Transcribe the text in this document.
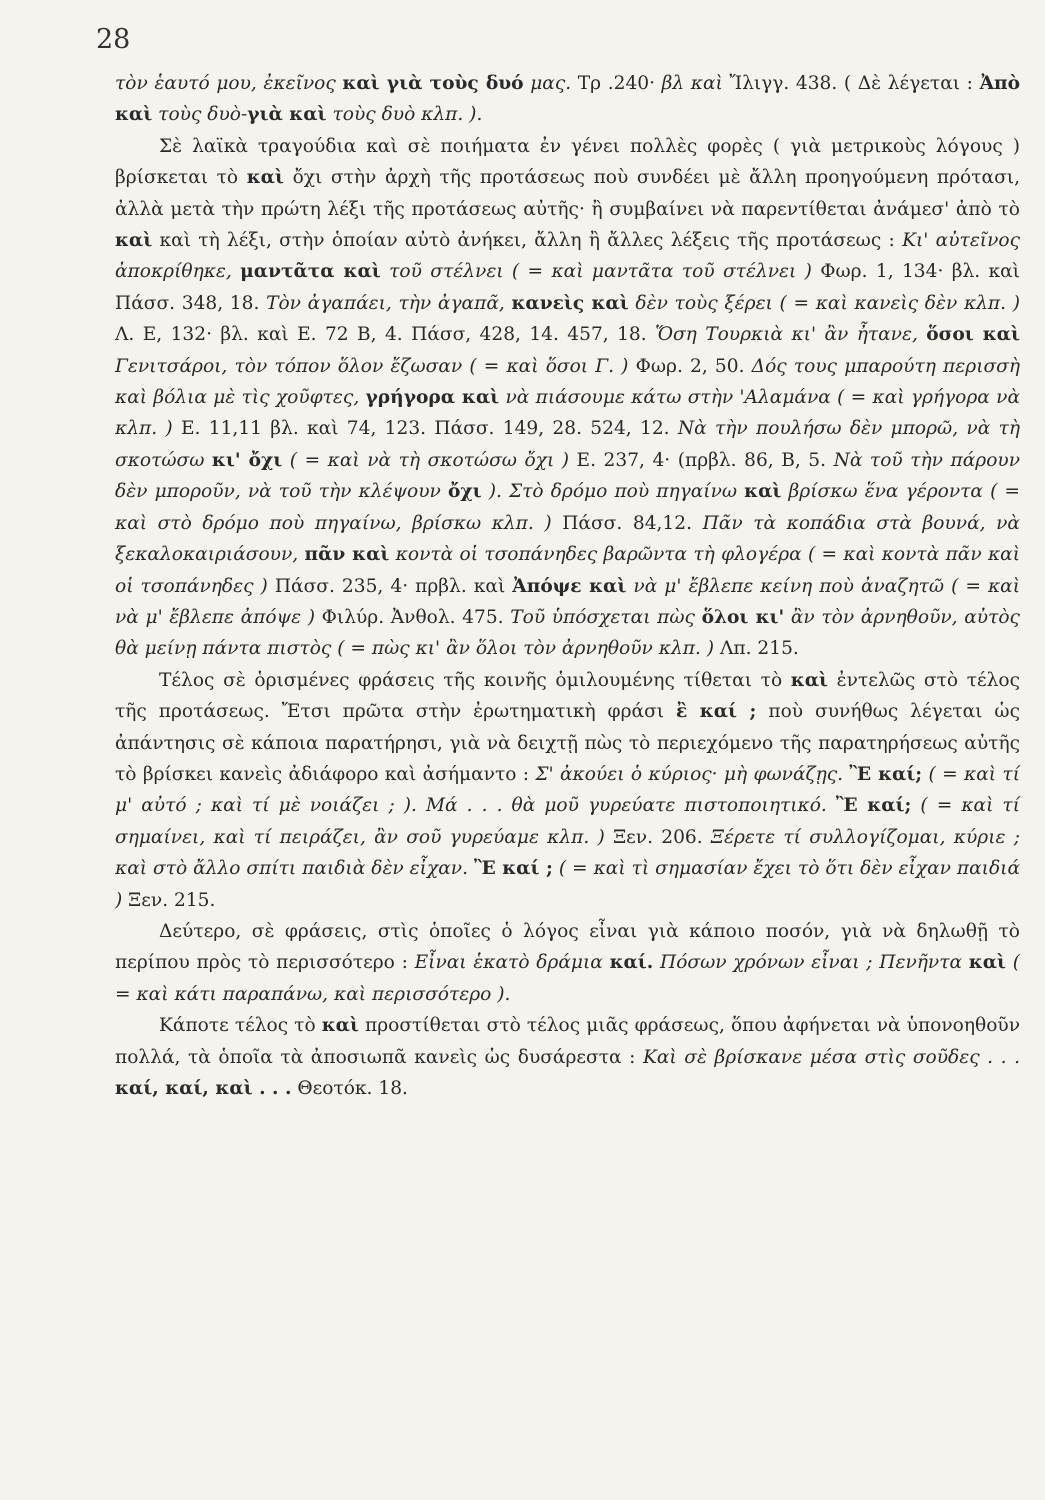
28

τὸν ἑαυτό μου, ἐκεῖνος καὶ γιὰ τοὺς δυό μας. Τρ .240· βλ καὶ Ἴλιγγ. 438. ( Δὲ λέγεται : Ἀπὸ καὶ τοὺς δυὸ-γιὰ καὶ τοὺς δυὸ κλπ. ).

Σὲ λαϊκὰ τραγούδια καὶ σὲ ποιήματα ἐν γένει πολλὲς φορὲς ( γιὰ μετρικοὺς λόγους ) βρίσκεται τὸ καὶ ὄχι στὴν ἀρχὴ τῆς προτάσεως ποὺ συνδέει μὲ ἄλλη προηγούμενη πρότασι, ἀλλὰ μετὰ τὴν πρώτη λέξι τῆς προτάσεως αὐτῆς· ἢ συμβαίνει νὰ παρεντίθεται ἀνάμεσ' ἀπὸ τὸ καὶ καὶ τὴ λέξι, στὴν ὁποίαν αὐτὸ ἀνήκει, ἄλλη ἢ ἄλλες λέξεις τῆς προτάσεως : Κι' αὐτεῖνος ἀποκρίθηκε, μαντᾶτα καὶ τοῦ στέλνει ( = καὶ μαντᾶτα τοῦ στέλνει ) Φωρ. 1, 134· βλ. καὶ Πάσσ. 348, 18. Τὸν ἀγαπάει, τὴν ἀγαπᾶ, κανεὶς καὶ δὲν τοὺς ξέρει ( = καὶ κανεὶς δὲν κλπ. ) Λ. Ε, 132· βλ. καὶ Ε. 72 Β, 4. Πάσσ, 428, 14. 457, 18. Ὅση Τουρκιὰ κι' ἂν ἦτανε, ὅσοι καὶ Γενιτσάροι, τὸν τόπον ὅλον ἔζωσαν ( = καὶ ὅσοι Γ. ) Φωρ. 2, 50. Δός τους μπαρούτη περισσὴ καὶ βόλια μὲ τὶς χοῦφτες, γρήγορα καὶ νὰ πιάσουμε κάτω στὴν 'Αλαμάνα ( = καὶ γρήγορα νὰ κλπ. ) Ε. 11,11 βλ. καὶ 74, 123. Πάσσ. 149, 28. 524, 12. Νὰ τὴν πουλήσω δὲν μπορῶ, νὰ τὴ σκοτώσω κι' ὄχι ( = καὶ νὰ τὴ σκοτώσω ὄχι ) Ε. 237, 4· (πρβλ. 86, Β, 5. Νὰ τοῦ τὴν πάρουν δὲν μποροῦν, νὰ τοῦ τὴν κλέψουν ὄχι ). Στὸ δρόμο ποὺ πηγαίνω καὶ βρίσκω ἕνα γέροντα ( = καὶ στὸ δρόμο ποὺ πηγαίνω, βρίσκω κλπ. ) Πάσσ. 84,12. Πᾶν τὰ κοπάδια στὰ βουνά, νὰ ξεκαλοκαιριάσουν, πᾶν καὶ κοντὰ οἱ τσοπάνηδες βαρῶντα τὴ φλογέρα ( = καὶ κοντὰ πᾶν καὶ οἱ τσοπάνηδες ) Πάσσ. 235, 4· πρβλ. καὶ Ἀπόψε καὶ νὰ μ' ἔβλεπε κείνη ποὺ ἀναζητῶ ( = καὶ νὰ μ' ἔβλεπε ἀπόψε ) Φιλύρ. Ἀνθολ. 475. Τοῦ ὑπόσχεται πὼς ὅλοι κι' ἂν τὸν ἀρνηθοῦν, αὐτὸς θὰ μείνῃ πάντα πιστὸς ( = πὼς κι' ἂν ὅλοι τὸν ἀρνηθοῦν κλπ. ) Λπ. 215.

Τέλος σὲ ὁρισμένες φράσεις τῆς κοινῆς ὁμιλουμένης τίθεται τὸ καὶ ἐντελῶς στὸ τέλος τῆς προτάσεως. Ἔτσι πρῶτα στὴν ἐρωτηματικὴ φράσι ἒ καί ; ποὺ συνήθως λέγεται ὡς ἀπάντησις σὲ κάποια παρατήρησι, γιὰ νὰ δειχτῇ πὼς τὸ περιεχόμενο τῆς παρατηρήσεως αὐτῆς τὸ βρίσκει κανεὶς ἀδιάφορο καὶ ἀσήμαντο : Σ' ἀκούει ὁ κύριος· μὴ φωνάζῃς. Ἒ καί; ( = καὶ τί μ' αὐτό ; καὶ τί μὲ νοιάζει ; ). Μά . . . θὰ μοῦ γυρεύατε πιστοποιητικό. Ἒ καί; ( = καὶ τί σημαίνει, καὶ τί πειράζει, ἂν σοῦ γυρεύαμε κλπ. ) Ξεν. 206. Ξέρετε τί συλλογίζομαι, κύριε ; καὶ στὸ ἄλλο σπίτι παιδιὰ δὲν εἶχαν. Ἒ καί ; ( = καὶ τὶ σημασίαν ἔχει τὸ ὅτι δὲν εἶχαν παιδιά ) Ξεν. 215.

Δεύτερο, σὲ φράσεις, στὶς ὁποῖες ὁ λόγος εἶναι γιὰ κάποιο ποσόν, γιὰ νὰ δηλωθῇ τὸ περίπου πρὸς τὸ περισσότερο : Εἶναι ἑκατὸ δράμια καί. Πόσων χρόνων εἶναι ; Πενῆντα καὶ ( = καὶ κάτι παραπάνω, καὶ περισσότερο ).

Κάποτε τέλος τὸ καὶ προστίθεται στὸ τέλος μιᾶς φράσεως, ὅπου ἀφήνεται νὰ ὑπονοηθοῦν πολλά, τὰ ὁποῖα τὰ ἀποσιωπᾶ κανεὶς ὡς δυσάρεστα : Καὶ σὲ βρίσκανε μέσα στὶς σοῦδες . . . καί, καί, καὶ . . . Θεοτόκ. 18.
